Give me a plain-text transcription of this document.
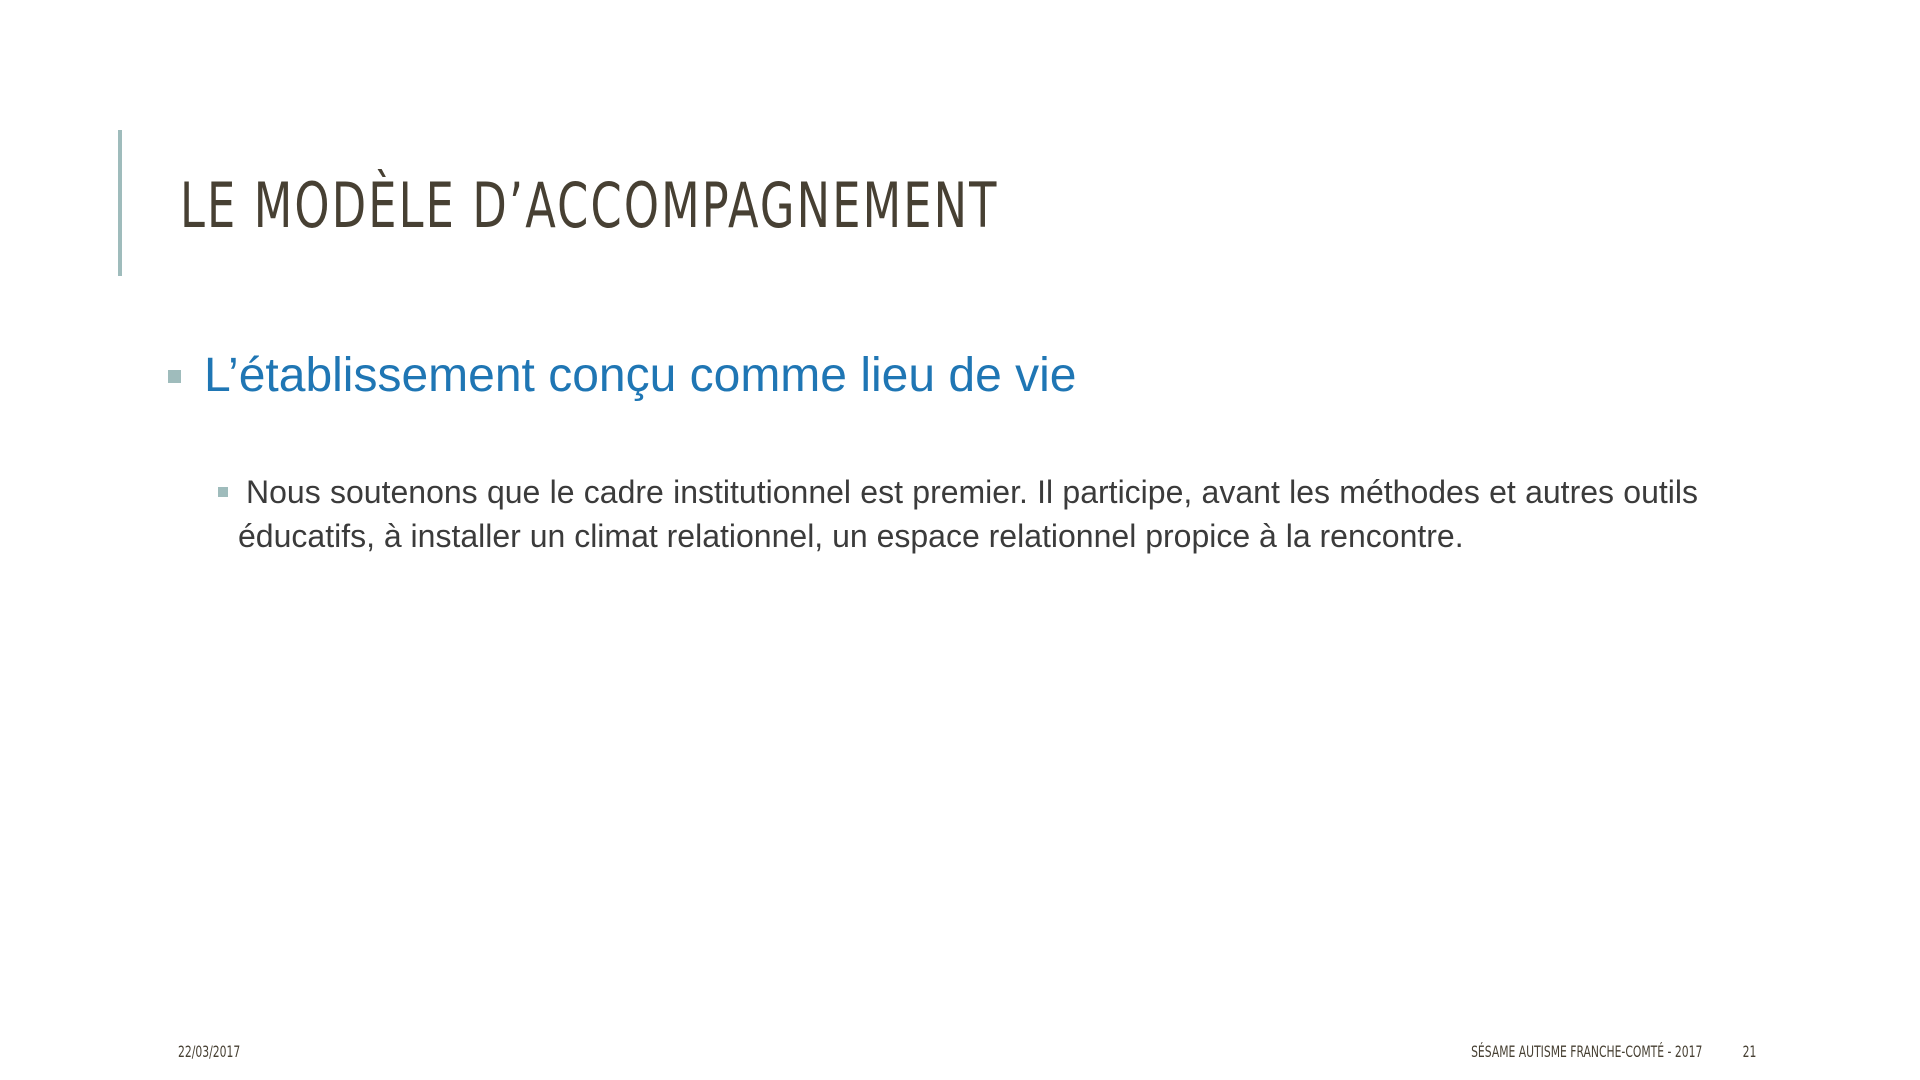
LE MODÈLE D’ACCOMPAGNEMENT
L’établissement conçu comme lieu de vie

Nous soutenons que le cadre institutionnel est premier. Il participe, avant les méthodes et autres outils éducatifs, à installer un climat relationnel, un espace relationnel propice à la rencontre.

22/03/2017	SÉSAME AUTISME FRANCHE-COMTÉ - 2017	21
